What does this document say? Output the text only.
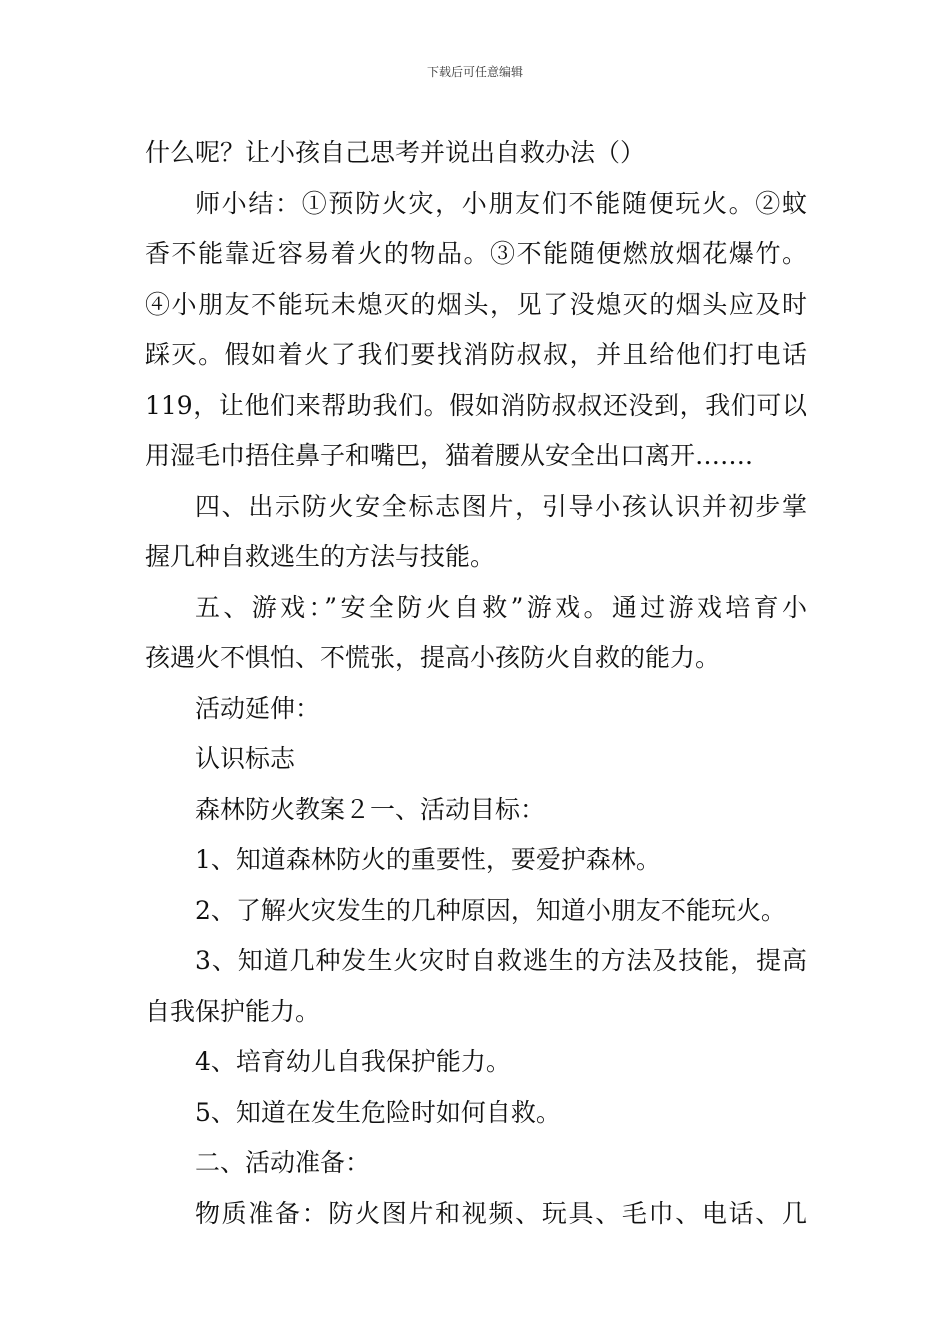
下载后可任意编辑
什么呢？让小孩自己思考并说出自救办法（）
师小结：①预防火灾，小朋友们不能随便玩火。②蚊
香不能靠近容易着火的物品。③不能随便燃放烟花爆竹。
④小朋友不能玩未熄灭的烟头，见了没熄灭的烟头应及时
踩灭。假如着火了我们要找消防叔叔，并且给他们打电话
119，让他们来帮助我们。假如消防叔叔还没到，我们可以
用湿毛巾捂住鼻子和嘴巴，猫着腰从安全出口离开…….
四、出示防火安全标志图片，引导小孩认识并初步掌
握几种自救逃生的方法与技能。
五、游戏：”安全防火自救”游戏。通过游戏培育小
孩遇火不惧怕、不慌张，提高小孩防火自救的能力。
活动延伸：
认识标志
森林防火教案２一、活动目标：
1、知道森林防火的重要性，要爱护森林。
2、了解火灾发生的几种原因，知道小朋友不能玩火。
3、知道几种发生火灾时自救逃生的方法及技能，提高
自我保护能力。
4、培育幼儿自我保护能力。
5、知道在发生危险时如何自救。
二、活动准备：
物质准备：防火图片和视频、玩具、毛巾、电话、几
